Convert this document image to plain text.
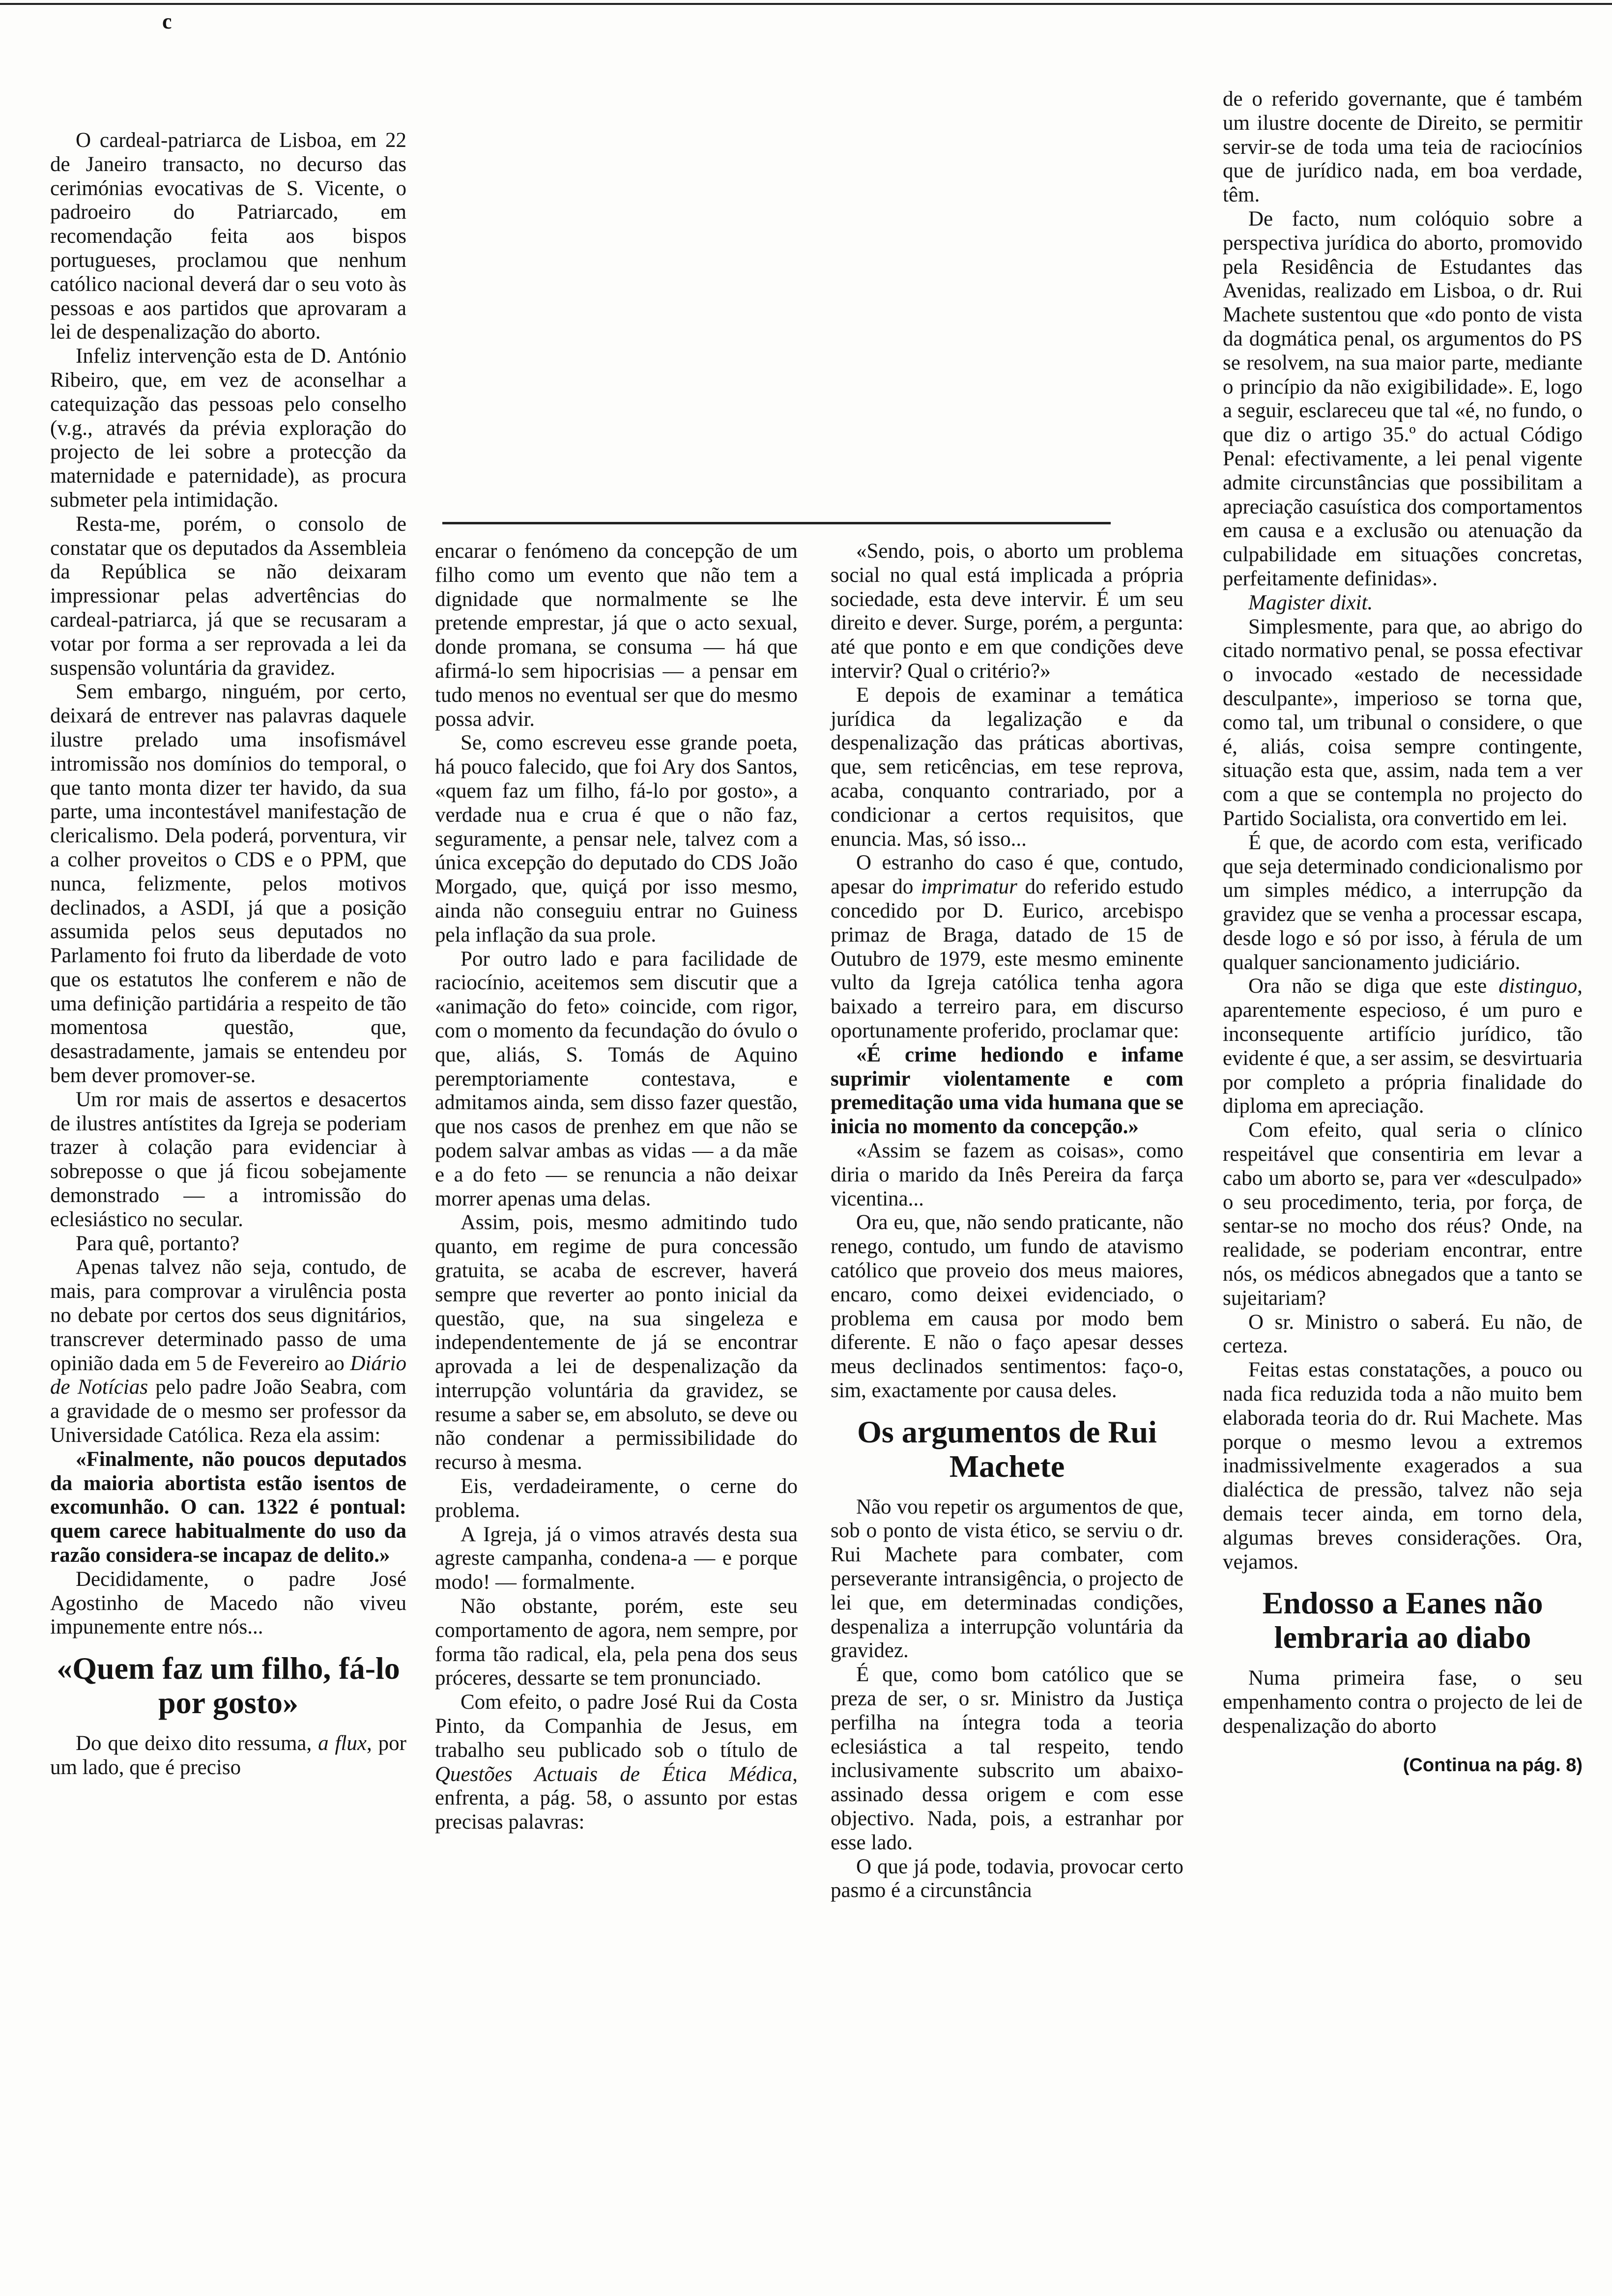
c

O cardeal-patriarca de Lisboa, em 22 de Janeiro transacto, no decurso das cerimónias evocativas de S. Vicente, o padroeiro do Patriarcado, em recomendação feita aos bispos portugueses, proclamou que nenhum católico nacional deverá dar o seu voto às pessoas e aos partidos que aprovaram a lei de despenalização do aborto.

Infeliz intervenção esta de D. António Ribeiro, que, em vez de aconselhar a catequização das pessoas pelo conselho (v.g., através da prévia exploração do projecto de lei sobre a protecção da maternidade e paternidade), as procura submeter pela intimidação.

Resta-me, porém, o consolo de constatar que os deputados da Assembleia da República se não deixaram impressionar pelas advertências do cardeal-patriarca, já que se recusaram a votar por forma a ser reprovada a lei da suspensão voluntária da gravidez.

Sem embargo, ninguém, por certo, deixará de entrever nas palavras daquele ilustre prelado uma insofismável intromissão nos domínios do temporal, o que tanto monta dizer ter havido, da sua parte, uma incontestável manifestação de clericalismo. Dela poderá, porventura, vir a colher proveitos o CDS e o PPM, que nunca, felizmente, pelos motivos declinados, a ASDI, já que a posição assumida pelos seus deputados no Parlamento foi fruto da liberdade de voto que os estatutos lhe conferem e não de uma definição partidária a respeito de tão momentosa questão, que, desastradamente, jamais se entendeu por bem dever promover-se.

Um ror mais de assertos e desacertos de ilustres antístites da Igreja se poderiam trazer à colação para evidenciar à sobreposse o que já ficou sobejamente demonstrado — a intromissão do eclesiástico no secular.

Para quê, portanto?

Apenas talvez não seja, contudo, de mais, para comprovar a virulência posta no debate por certos dos seus dignitários, transcrever determinado passo de uma opinião dada em 5 de Fevereiro ao Diário de Notícias pelo padre João Seabra, com a gravidade de o mesmo ser professor da Universidade Católica. Reza ela assim:

«Finalmente, não poucos deputados da maioria abortista estão isentos de excomunhão. O can. 1322 é pontual: quem carece habitualmente do uso da razão considera-se incapaz de delito.»

Decididamente, o padre José Agostinho de Macedo não viveu impunemente entre nós...

«Quem faz um filho, fá-lo por gosto»

Do que deixo dito ressuma, a flux, por um lado, que é preciso

encarar o fenómeno da concepção de um filho como um evento que não tem a dignidade que normalmente se lhe pretende emprestar, já que o acto sexual, donde promana, se consuma — há que afirmá-lo sem hipocrisias — a pensar em tudo menos no eventual ser que do mesmo possa advir.

Se, como escreveu esse grande poeta, há pouco falecido, que foi Ary dos Santos, «quem faz um filho, fá-lo por gosto», a verdade nua e crua é que o não faz, seguramente, a pensar nele, talvez com a única excepção do deputado do CDS João Morgado, que, quiçá por isso mesmo, ainda não conseguiu entrar no Guiness pela inflação da sua prole.

Por outro lado e para facilidade de raciocínio, aceitemos sem discutir que a «animação do feto» coincide, com rigor, com o momento da fecundação do óvulo o que, aliás, S. Tomás de Aquino peremptoriamente contestava, e admitamos ainda, sem disso fazer questão, que nos casos de prenhez em que não se podem salvar ambas as vidas — a da mãe e a do feto — se renuncia a não deixar morrer apenas uma delas.

Assim, pois, mesmo admitindo tudo quanto, em regime de pura concessão gratuita, se acaba de escrever, haverá sempre que reverter ao ponto inicial da questão, que, na sua singeleza e independentemente de já se encontrar aprovada a lei de despenalização da interrupção voluntária da gravidez, se resume a saber se, em absoluto, se deve ou não condenar a permissibilidade do recurso à mesma.

Eis, verdadeiramente, o cerne do problema.

A Igreja, já o vimos através desta sua agreste campanha, condena-a — e porque modo! — formalmente.

Não obstante, porém, este seu comportamento de agora, nem sempre, por forma tão radical, ela, pela pena dos seus próceres, dessarte se tem pronunciado.

Com efeito, o padre José Rui da Costa Pinto, da Companhia de Jesus, em trabalho seu publicado sob o título de Questões Actuais de Ética Médica, enfrenta, a pág. 58, o assunto por estas precisas palavras:

«Sendo, pois, o aborto um problema social no qual está implicada a própria sociedade, esta deve intervir. É um seu direito e dever. Surge, porém, a pergunta: até que ponto e em que condições deve intervir? Qual o critério?»

E depois de examinar a temática jurídica da legalização e da despenalização das práticas abortivas, que, sem reticências, em tese reprova, acaba, conquanto contrariado, por a condicionar a certos requisitos, que enuncia. Mas, só isso...

O estranho do caso é que, contudo, apesar do imprimatur do referido estudo concedido por D. Eurico, arcebispo primaz de Braga, datado de 15 de Outubro de 1979, este mesmo eminente vulto da Igreja católica tenha agora baixado a terreiro para, em discurso oportunamente proferido, proclamar que:

«É crime hediondo e infame suprimir violentamente e com premeditação uma vida humana que se inicia no momento da concepção.»

«Assim se fazem as coisas», como diria o marido da Inês Pereira da farça vicentina...

Ora eu, que, não sendo praticante, não renego, contudo, um fundo de atavismo católico que proveio dos meus maiores, encaro, como deixei evidenciado, o problema em causa por modo bem diferente. E não o faço apesar desses meus declinados sentimentos: faço-o, sim, exactamente por causa deles.

Os argumentos de Rui Machete

Não vou repetir os argumentos de que, sob o ponto de vista ético, se serviu o dr. Rui Machete para combater, com perseverante intransigência, o projecto de lei que, em determinadas condições, despenaliza a interrupção voluntária da gravidez.

É que, como bom católico que se preza de ser, o sr. Ministro da Justiça perfilha na íntegra toda a teoria eclesiástica a tal respeito, tendo inclusivamente subscrito um abaixo-assinado dessa origem e com esse objectivo. Nada, pois, a estranhar por esse lado.

O que já pode, todavia, provocar certo pasmo é a circunstância

de o referido governante, que é também um ilustre docente de Direito, se permitir servir-se de toda uma teia de raciocínios que de jurídico nada, em boa verdade, têm.

De facto, num colóquio sobre a perspectiva jurídica do aborto, promovido pela Residência de Estudantes das Avenidas, realizado em Lisboa, o dr. Rui Machete sustentou que «do ponto de vista da dogmática penal, os argumentos do PS se resolvem, na sua maior parte, mediante o princípio da não exigibilidade». E, logo a seguir, esclareceu que tal «é, no fundo, o que diz o artigo 35.º do actual Código Penal: efectivamente, a lei penal vigente admite circunstâncias que possibilitam a apreciação casuística dos comportamentos em causa e a exclusão ou atenuação da culpabilidade em situações concretas, perfeitamente definidas».

Magister dixit.

Simplesmente, para que, ao abrigo do citado normativo penal, se possa efectivar o invocado «estado de necessidade desculpante», imperioso se torna que, como tal, um tribunal o considere, o que é, aliás, coisa sempre contingente, situação esta que, assim, nada tem a ver com a que se contempla no projecto do Partido Socialista, ora convertido em lei.

É que, de acordo com esta, verificado que seja determinado condicionalismo por um simples médico, a interrupção da gravidez que se venha a processar escapa, desde logo e só por isso, à férula de um qualquer sancionamento judiciário.

Ora não se diga que este distinguo, aparentemente especioso, é um puro e inconsequente artifício jurídico, tão evidente é que, a ser assim, se desvirtuaria por completo a própria finalidade do diploma em apreciação.

Com efeito, qual seria o clínico respeitável que consentiria em levar a cabo um aborto se, para ver «desculpado» o seu procedimento, teria, por força, de sentar-se no mocho dos réus? Onde, na realidade, se poderiam encontrar, entre nós, os médicos abnegados que a tanto se sujeitariam?

O sr. Ministro o saberá. Eu não, de certeza.

Feitas estas constatações, a pouco ou nada fica reduzida toda a não muito bem elaborada teoria do dr. Rui Machete. Mas porque o mesmo levou a extremos inadmissivelmente exagerados a sua dialéctica de pressão, talvez não seja demais tecer ainda, em torno dela, algumas breves considerações. Ora, vejamos.

Endosso a Eanes não lembraria ao diabo

Numa primeira fase, o seu empenhamento contra o projecto de lei de despenalização do aborto

(Continua na pág. 8)
